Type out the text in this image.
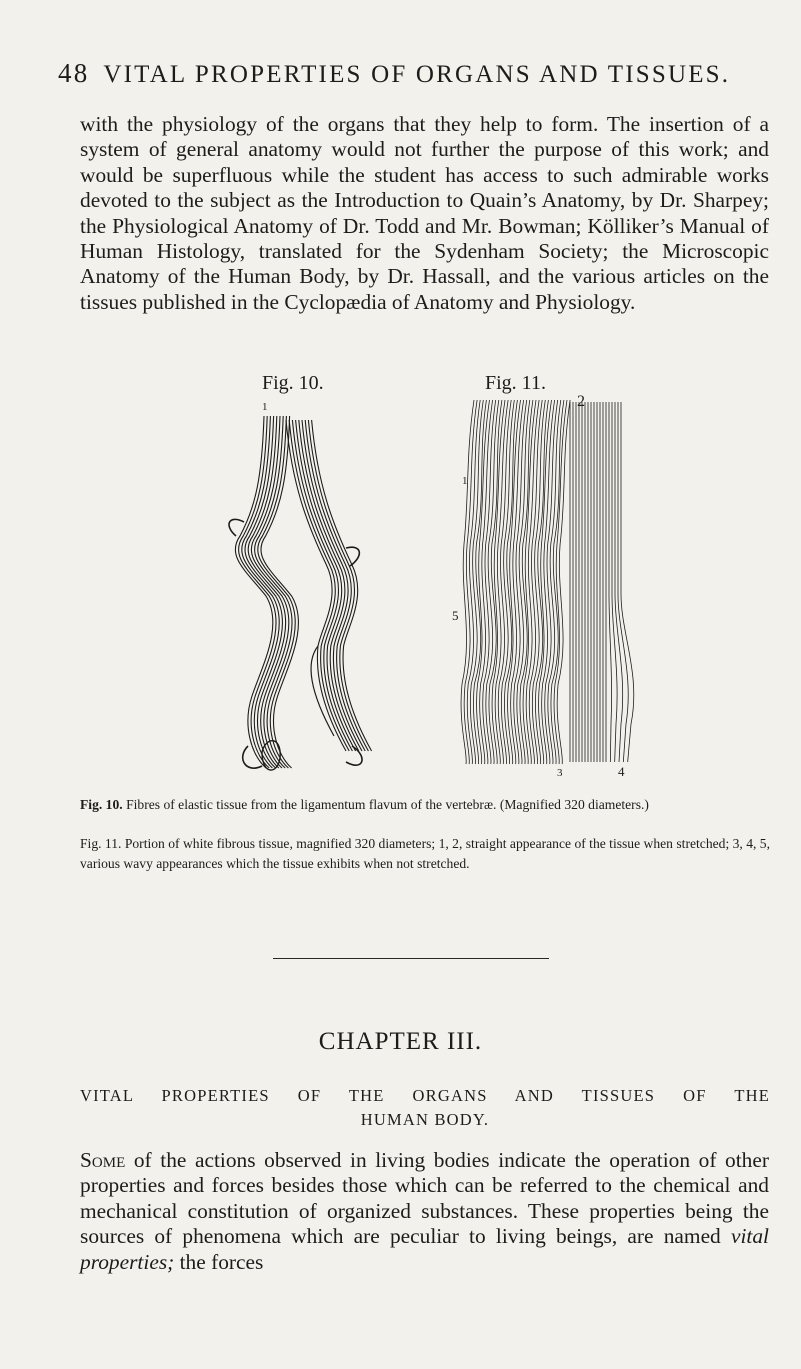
48 VITAL PROPERTIES OF ORGANS AND TISSUES.

with the physiology of the organs that they help to form. The insertion of a system of general anatomy would not further the purpose of this work; and would be superfluous while the student has access to such admirable works devoted to the subject as the Introduction to Quain’s Anatomy, by Dr. Sharpey; the Physiological Anatomy of Dr. Todd and Mr. Bowman; Kölliker’s Manual of Human Histology, translated for the Sydenham Society; the Microscopic Anatomy of the Human Body, by Dr. Hassall, and the various articles on the tissues published in the Cyclopædia of Anatomy and Physiology.

Fig. 10.	Fig. 11.
1
1
2
5
3	4

Fig. 10. Fibres of elastic tissue from the ligamentum flavum of the vertebræ. (Magnified 320 diameters.)

Fig. 11. Portion of white fibrous tissue, magnified 320 diameters; 1, 2, straight appearance of the tissue when stretched; 3, 4, 5, various wavy appearances which the tissue exhibits when not stretched.

CHAPTER III.
VITAL PROPERTIES OF THE ORGANS AND TISSUES OF THE
HUMAN BODY.

Some of the actions observed in living bodies indicate the operation of other properties and forces besides those which can be referred to the chemical and mechanical constitution of organized substances. These properties being the sources of phenomena which are peculiar to living beings, are named vital properties; the forces
